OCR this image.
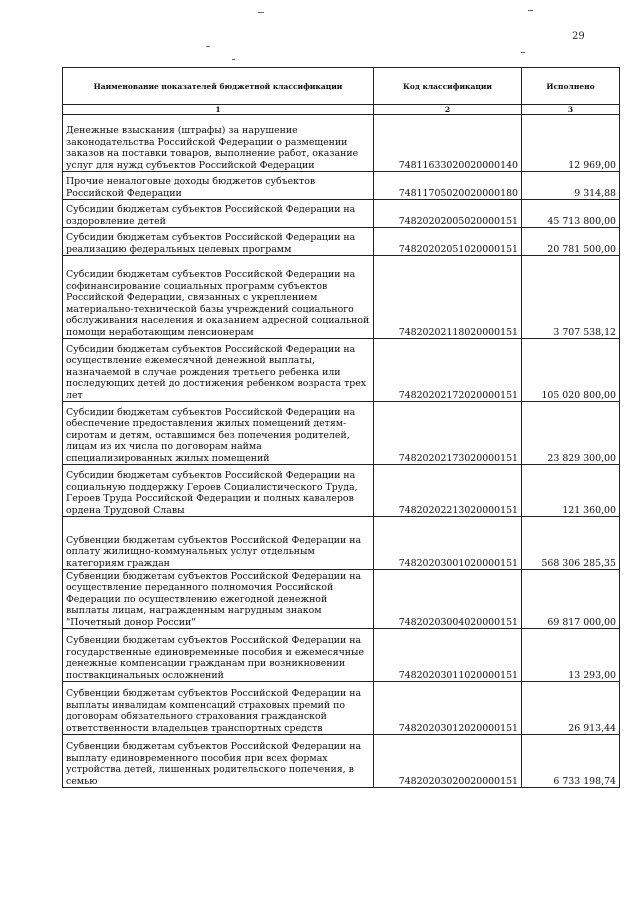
29
Наименование показателей бюджетной классификации	Код классификации	Исполнено
1	2	3
Денежные взыскания (штрафы) за нарушение законодательства Российской Федерации о размещении заказов на поставки товаров, выполнение работ, оказание услуг для нужд субъектов Российской Федерации	74811633020020000140	12 969,00
Прочие неналоговые доходы бюджетов субъектов Российской Федерации	74811705020020000180	9 314,88
Субсидии бюджетам субъектов Российской Федерации на оздоровление детей	74820202005020000151	45 713 800,00
Субсидии бюджетам субъектов Российской Федерации на реализацию федеральных целевых программ	74820202051020000151	20 781 500,00
Субсидии бюджетам субъектов Российской Федерации на софинансирование социальных программ субъектов Российской Федерации, связанных с укреплением материально-технической базы учреждений социального обслуживания населения и оказанием адресной социальной помощи неработающим пенсионерам	74820202118020000151	3 707 538,12
Субсидии бюджетам субъектов Российской Федерации на осуществление ежемесячной денежной выплаты, назначаемой в случае рождения третьего ребенка или последующих детей до достижения ребенком возраста трех лет	74820202172020000151	105 020 800,00
Субсидии бюджетам субъектов Российской Федерации на обеспечение предоставления жилых помещений детям-сиротам и детям, оставшимся без попечения родителей, лицам из их числа по договорам найма специализированных жилых помещений	74820202173020000151	23 829 300,00
Субсидии бюджетам субъектов Российской Федерации на социальную поддержку Героев Социалистического Труда, Героев Труда Российской Федерации и полных кавалеров ордена Трудовой Славы	74820202213020000151	121 360,00
Субвенции бюджетам субъектов Российской Федерации на оплату жилищно-коммунальных услуг отдельным категориям граждан	74820203001020000151	568 306 285,35
Субвенции бюджетам субъектов Российской Федерации на осуществление переданного полномочия Российской Федерации по осуществлению ежегодной денежной выплаты лицам, награжденным нагрудным знаком "Почетный донор России"	74820203004020000151	69 817 000,00
Субвенции бюджетам субъектов Российской Федерации на государственные единовременные пособия и ежемесячные денежные компенсации гражданам при возникновении поствакцинальных осложнений	74820203011020000151	13 293,00
Субвенции бюджетам субъектов Российской Федерации на выплаты инвалидам компенсаций страховых премий по договорам обязательного страхования гражданской ответственности владельцев транспортных средств	74820203012020000151	26 913,44
Субвенции бюджетам субъектов Российской Федерации на выплату единовременного пособия при всех формах устройства детей, лишенных родительского попечения, в семью	74820203020020000151	6 733 198,74
